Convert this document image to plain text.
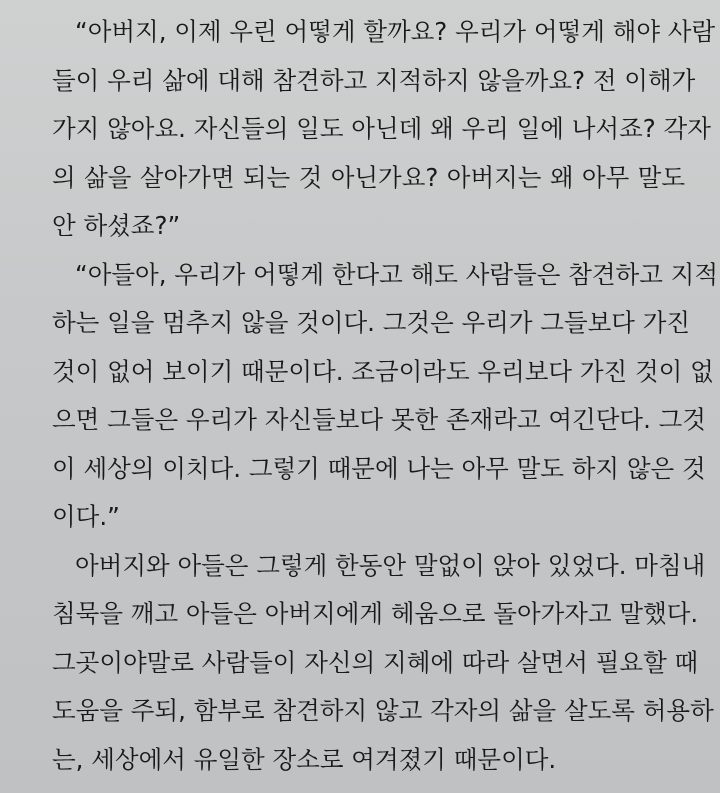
“아버지, 이제 우린 어떻게 할까요? 우리가 어떻게 해야 사람
들이 우리 삶에 대해 참견하고 지적하지 않을까요? 전 이해가
가지 않아요. 자신들의 일도 아닌데 왜 우리 일에 나서죠? 각자
의 삶을 살아가면 되는 것 아닌가요? 아버지는 왜 아무 말도
안 하셨죠?”
“아들아, 우리가 어떻게 한다고 해도 사람들은 참견하고 지적
하는 일을 멈추지 않을 것이다. 그것은 우리가 그들보다 가진
것이 없어 보이기 때문이다. 조금이라도 우리보다 가진 것이 없
으면 그들은 우리가 자신들보다 못한 존재라고 여긴단다. 그것
이 세상의 이치다. 그렇기 때문에 나는 아무 말도 하지 않은 것
이다.”
아버지와 아들은 그렇게 한동안 말없이 앉아 있었다. 마침내
침묵을 깨고 아들은 아버지에게 헤움으로 돌아가자고 말했다.
그곳이야말로 사람들이 자신의 지혜에 따라 살면서 필요할 때
도움을 주되, 함부로 참견하지 않고 각자의 삶을 살도록 허용하
는, 세상에서 유일한 장소로 여겨졌기 때문이다.
